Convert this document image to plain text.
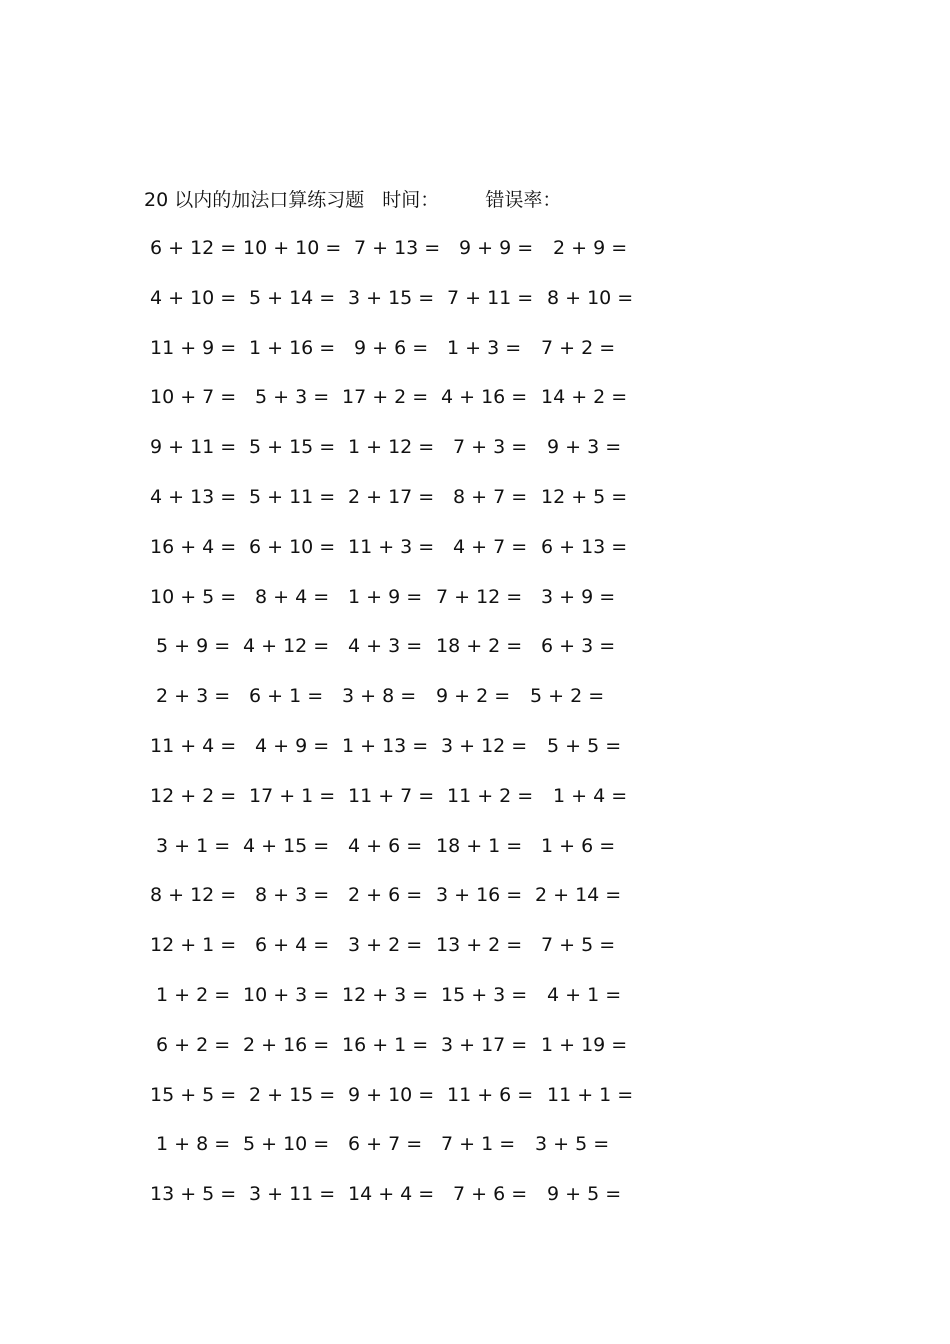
20 以内的加法口算练习题 时间： 错误率：
6 + 12 = 10 + 10 = 7 + 13 = 9 + 9 = 2 + 9 =
4 + 10 = 5 + 14 = 3 + 15 = 7 + 11 = 8 + 10 =
11 + 9 = 1 + 16 = 9 + 6 = 1 + 3 = 7 + 2 =
10 + 7 = 5 + 3 = 17 + 2 = 4 + 16 = 14 + 2 =
9 + 11 = 5 + 15 = 1 + 12 = 7 + 3 = 9 + 3 =
4 + 13 = 5 + 11 = 2 + 17 = 8 + 7 = 12 + 5 =
16 + 4 = 6 + 10 = 11 + 3 = 4 + 7 = 6 + 13 =
10 + 5 = 8 + 4 = 1 + 9 = 7 + 12 = 3 + 9 =
5 + 9 = 4 + 12 = 4 + 3 = 18 + 2 = 6 + 3 =
2 + 3 = 6 + 1 = 3 + 8 = 9 + 2 = 5 + 2 =
11 + 4 = 4 + 9 = 1 + 13 = 3 + 12 = 5 + 5 =
12 + 2 = 17 + 1 = 11 + 7 = 11 + 2 = 1 + 4 =
3 + 1 = 4 + 15 = 4 + 6 = 18 + 1 = 1 + 6 =
8 + 12 = 8 + 3 = 2 + 6 = 3 + 16 = 2 + 14 =
12 + 1 = 6 + 4 = 3 + 2 = 13 + 2 = 7 + 5 =
1 + 2 = 10 + 3 = 12 + 3 = 15 + 3 = 4 + 1 =
6 + 2 = 2 + 16 = 16 + 1 = 3 + 17 = 1 + 19 =
15 + 5 = 2 + 15 = 9 + 10 = 11 + 6 = 11 + 1 =
1 + 8 = 5 + 10 = 6 + 7 = 7 + 1 = 3 + 5 =
13 + 5 = 3 + 11 = 14 + 4 = 7 + 6 = 9 + 5 =
